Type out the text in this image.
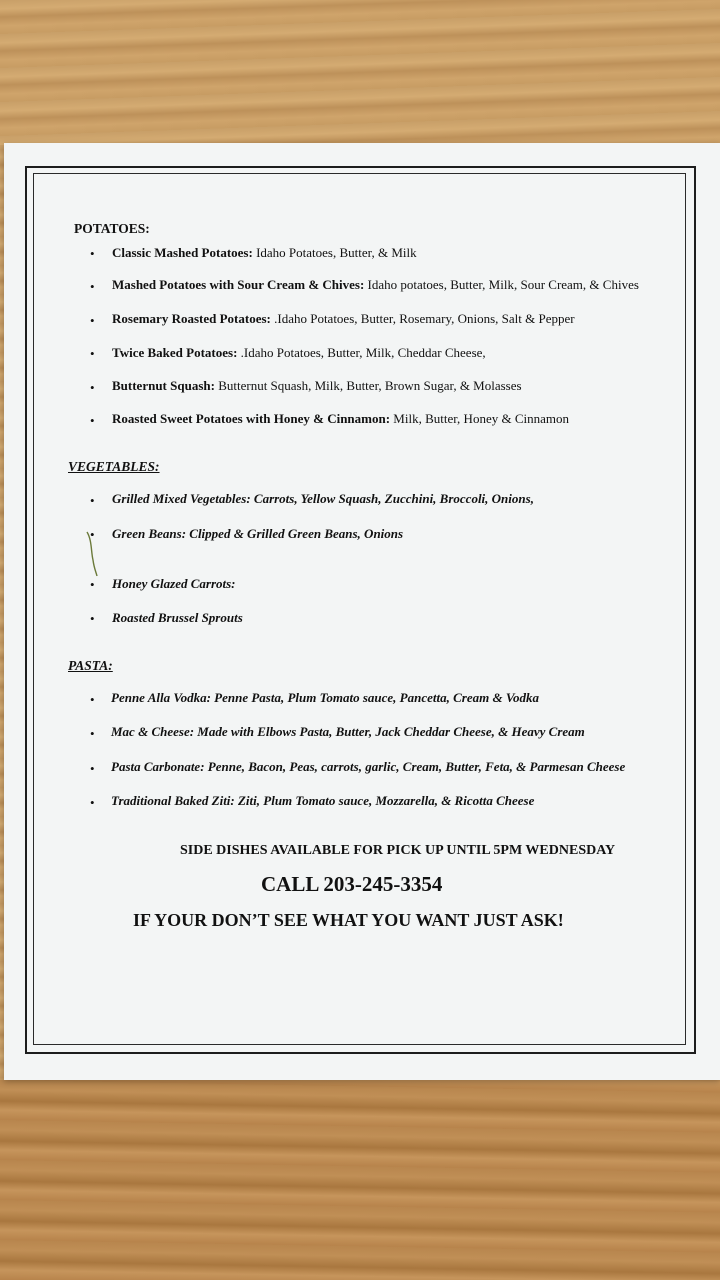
POTATOES:
• Classic Mashed Potatoes: Idaho Potatoes, Butter, & Milk
• Mashed Potatoes with Sour Cream & Chives: Idaho potatoes, Butter, Milk, Sour Cream, & Chives
• Rosemary Roasted Potatoes: .Idaho Potatoes, Butter, Rosemary, Onions, Salt & Pepper
• Twice Baked Potatoes: .Idaho Potatoes, Butter, Milk, Cheddar Cheese,
• Butternut Squash: Butternut Squash, Milk, Butter, Brown Sugar, & Molasses
• Roasted Sweet Potatoes with Honey & Cinnamon: Milk, Butter, Honey & Cinnamon
VEGETABLES:
• Grilled Mixed Vegetables: Carrots, Yellow Squash, Zucchini, Broccoli, Onions,
• Green Beans: Clipped & Grilled Green Beans, Onions
• Honey Glazed Carrots:
• Roasted Brussel Sprouts
PASTA:
• Penne Alla Vodka: Penne Pasta, Plum Tomato sauce, Pancetta, Cream & Vodka
• Mac & Cheese: Made with Elbows Pasta, Butter, Jack Cheddar Cheese, & Heavy Cream
• Pasta Carbonate: Penne, Bacon, Peas, carrots, garlic, Cream, Butter, Feta, & Parmesan Cheese
• Traditional Baked Ziti: Ziti, Plum Tomato sauce, Mozzarella, & Ricotta Cheese
SIDE DISHES AVAILABLE FOR PICK UP UNTIL 5PM WEDNESDAY
CALL 203-245-3354
IF YOUR DON’T SEE WHAT YOU WANT JUST ASK!
